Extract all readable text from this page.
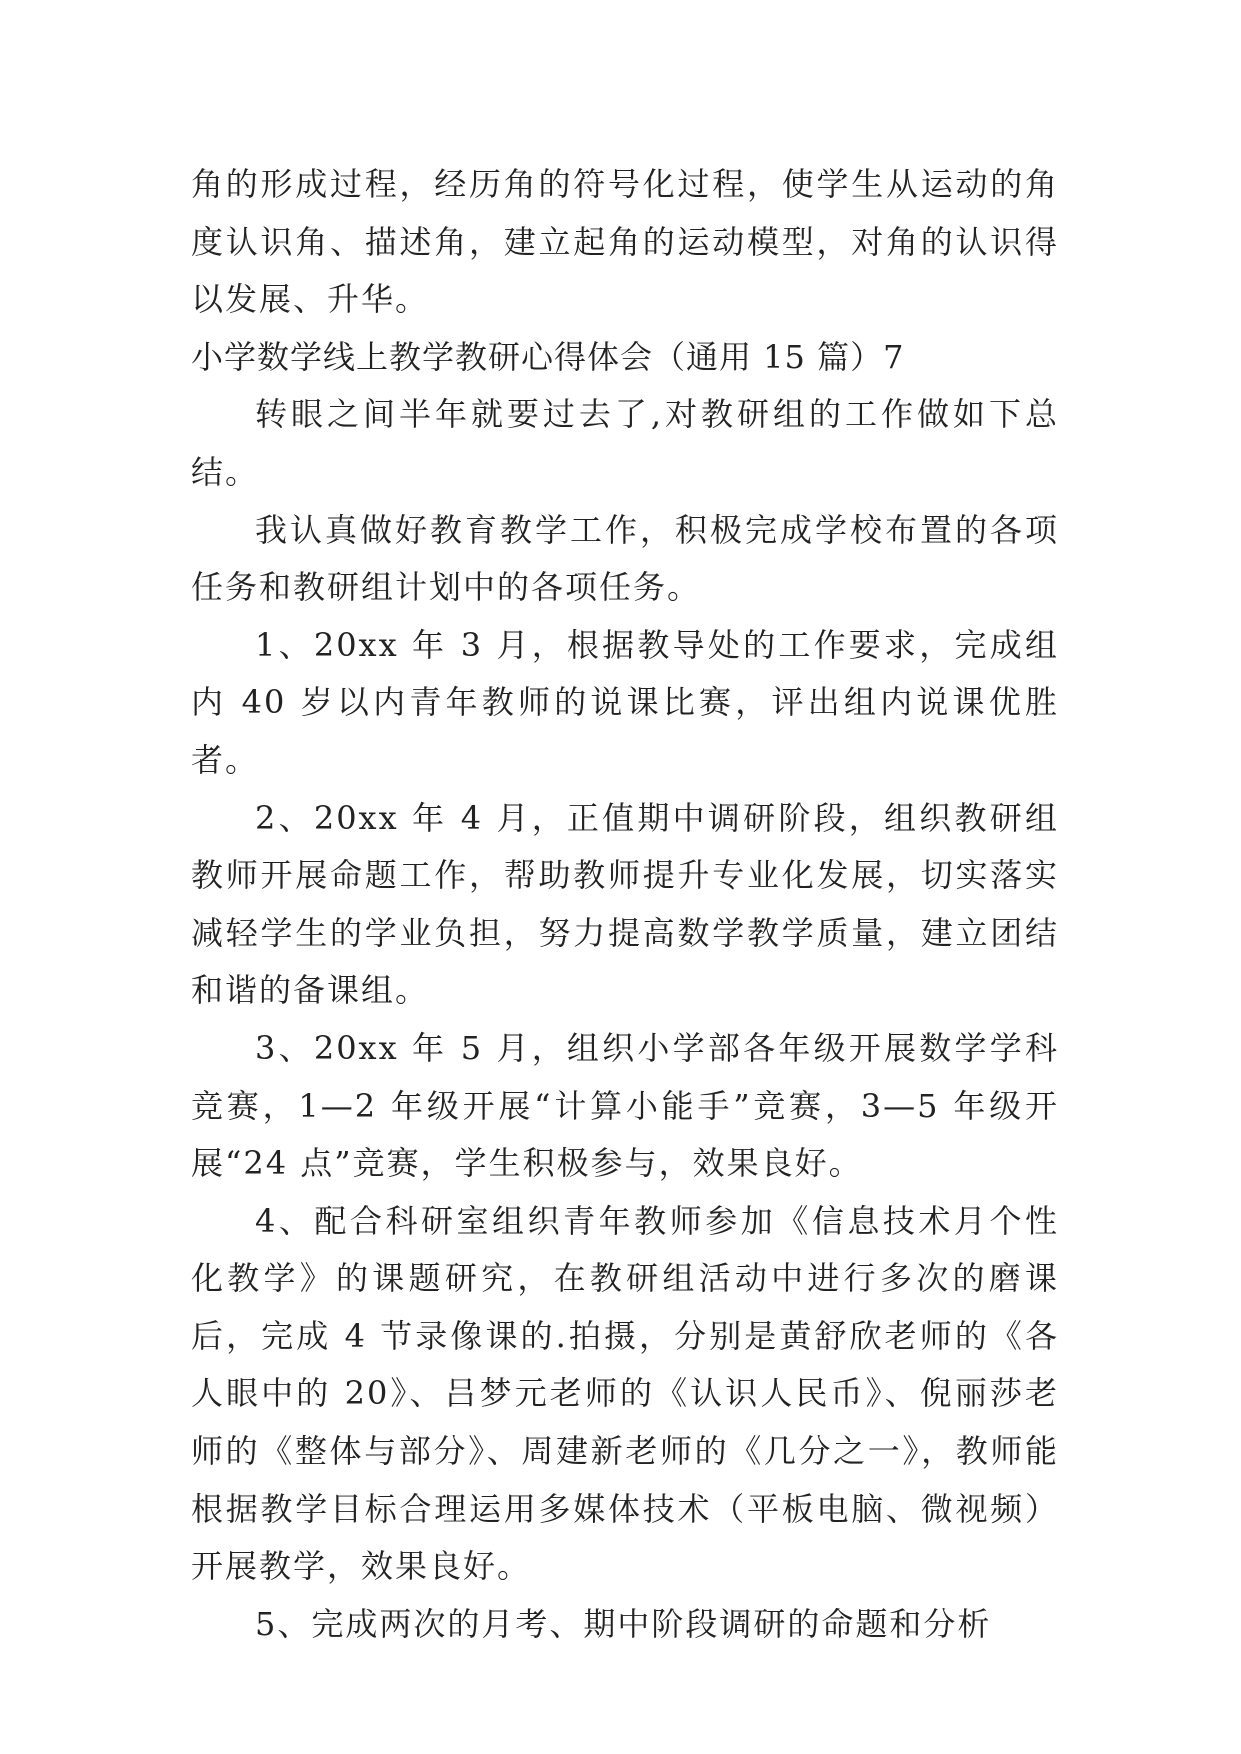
角的形成过程，经历角的符号化过程，使学生从运动的角度认识角、描述角，建立起角的运动模型，对角的认识得以发展、升华。

小学数学线上教学教研心得体会（通用 15 篇）7

转眼之间半年就要过去了,对教研组的工作做如下总结。

我认真做好教育教学工作，积极完成学校布置的各项任务和教研组计划中的各项任务。

1、20xx 年 3 月，根据教导处的工作要求，完成组内 40 岁以内青年教师的说课比赛，评出组内说课优胜者。

2、20xx 年 4 月，正值期中调研阶段，组织教研组教师开展命题工作，帮助教师提升专业化发展，切实落实减轻学生的学业负担，努力提高数学教学质量，建立团结和谐的备课组。

3、20xx 年 5 月，组织小学部各年级开展数学学科竞赛，1—2 年级开展“计算小能手”竞赛，3—5 年级开展“24 点”竞赛，学生积极参与，效果良好。

4、配合科研室组织青年教师参加《信息技术月个性化教学》的课题研究，在教研组活动中进行多次的磨课后，完成 4 节录像课的.拍摄，分别是黄舒欣老师的《各人眼中的 20》、吕梦元老师的《认识人民币》、倪丽莎老师的《整体与部分》、周建新老师的《几分之一》，教师能根据教学目标合理运用多媒体技术（平板电脑、微视频）开展教学，效果良好。

5、完成两次的月考、期中阶段调研的命题和分析
